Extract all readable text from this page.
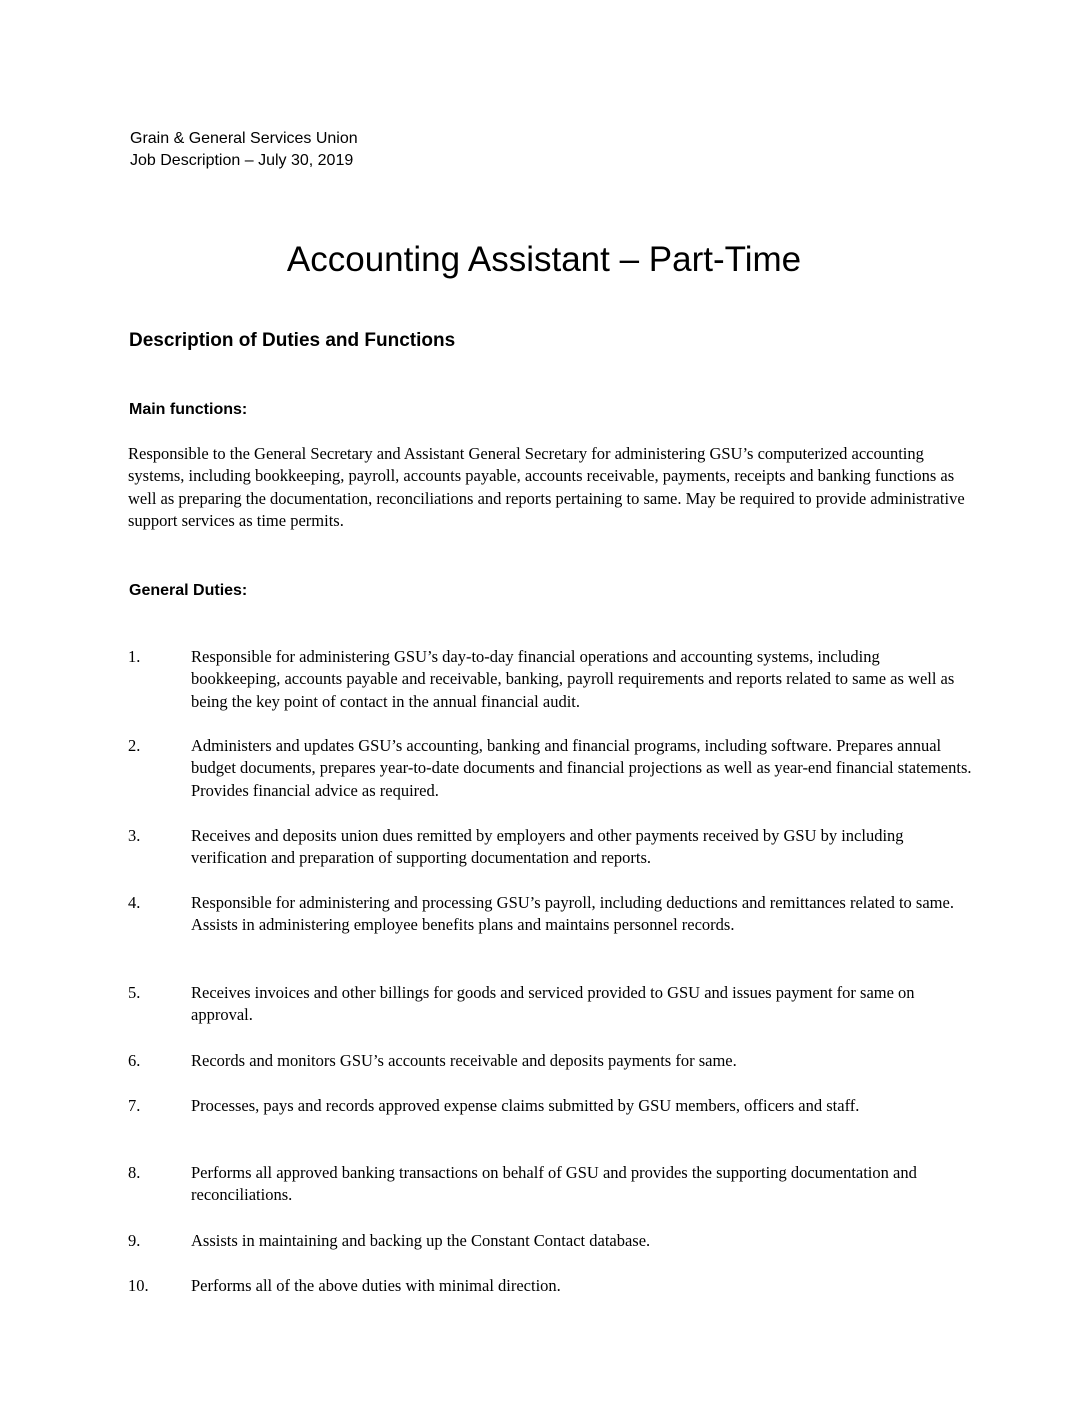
Grain & General Services Union
Job Description – July 30, 2019
Accounting Assistant – Part-Time
Description of Duties and Functions
Main functions:

Responsible to the General Secretary and Assistant General Secretary for administering GSU’s computerized accounting systems, including bookkeeping, payroll, accounts payable, accounts receivable, payments, receipts and banking functions as well as preparing the documentation, reconciliations and reports pertaining to same. May be required to provide administrative support services as time permits.

General Duties:
1.	Responsible for administering GSU’s day-to-day financial operations and accounting systems, including bookkeeping, accounts payable and receivable, banking, payroll requirements and reports related to same as well as being the key point of contact in the annual financial audit.
2.	Administers and updates GSU’s accounting, banking and financial programs, including software. Prepares annual budget documents, prepares year-to-date documents and financial projections as well as year-end financial statements. Provides financial advice as required.
3.	Receives and deposits union dues remitted by employers and other payments received by GSU by including verification and preparation of supporting documentation and reports.
4.	Responsible for administering and processing GSU’s payroll, including deductions and remittances related to same. Assists in administering employee benefits plans and maintains personnel records.
5.	Receives invoices and other billings for goods and serviced provided to GSU and issues payment for same on approval.
6.	Records and monitors GSU’s accounts receivable and deposits payments for same.
7.	Processes, pays and records approved expense claims submitted by GSU members, officers and staff.
8.	Performs all approved banking transactions on behalf of GSU and provides the supporting documentation and reconciliations.
9.	Assists in maintaining and backing up the Constant Contact database.
10.	Performs all of the above duties with minimal direction.
